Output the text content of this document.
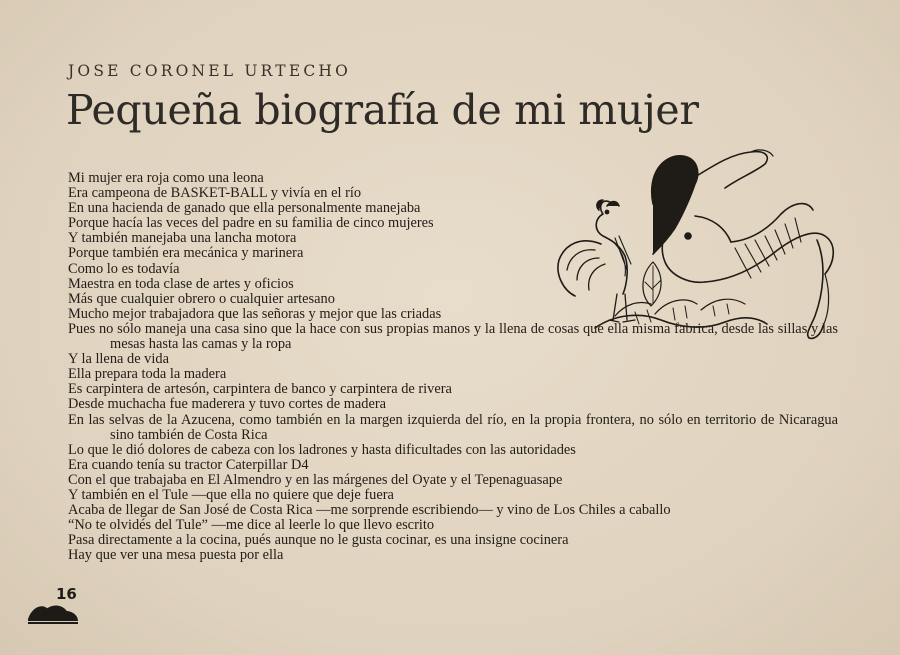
JOSE CORONEL URTECHO
Pequeña biografía de mi mujer
Mi mujer era roja como una leona
Era campeona de BASKET-BALL y vivía en el río
En una hacienda de ganado que ella personalmente manejaba
Porque hacía las veces del padre en su familia de cinco mujeres
Y también manejaba una lancha motora
Porque también era mecánica y marinera
Como lo es todavía
Maestra en toda clase de artes y oficios
Más que cualquier obrero o cualquier artesano
Mucho mejor trabajadora que las señoras y mejor que las criadas
Pues no sólo maneja una casa sino que la hace con sus propias manos y la llena de cosas que ella misma fabrica, desde las sillas y las mesas hasta las camas y la ropa
Y la llena de vida
Ella prepara toda la madera
Es carpintera de artesón, carpintera de banco y carpintera de rivera
Desde muchacha fue maderera y tuvo cortes de madera
En las selvas de la Azucena, como también en la margen izquierda del río, en la propia frontera, no sólo en territorio de Nicaragua sino también de Costa Rica
Lo que le dió dolores de cabeza con los ladrones y hasta dificultades con las autoridades
Era cuando tenía su tractor Caterpillar D4
Con el que trabajaba en El Almendro y en las márgenes del Oyate y el Tepenaguasape
Y también en el Tule —que ella no quiere que deje fuera
Acaba de llegar de San José de Costa Rica —me sorprende escribiendo— y vino de Los Chiles a caballo
“No te olvidés del Tule” —me dice al leerle lo que llevo escrito
Pasa directamente a la cocina, pués aunque no le gusta cocinar, es una insigne cocinera
Hay que ver una mesa puesta por ella
16
